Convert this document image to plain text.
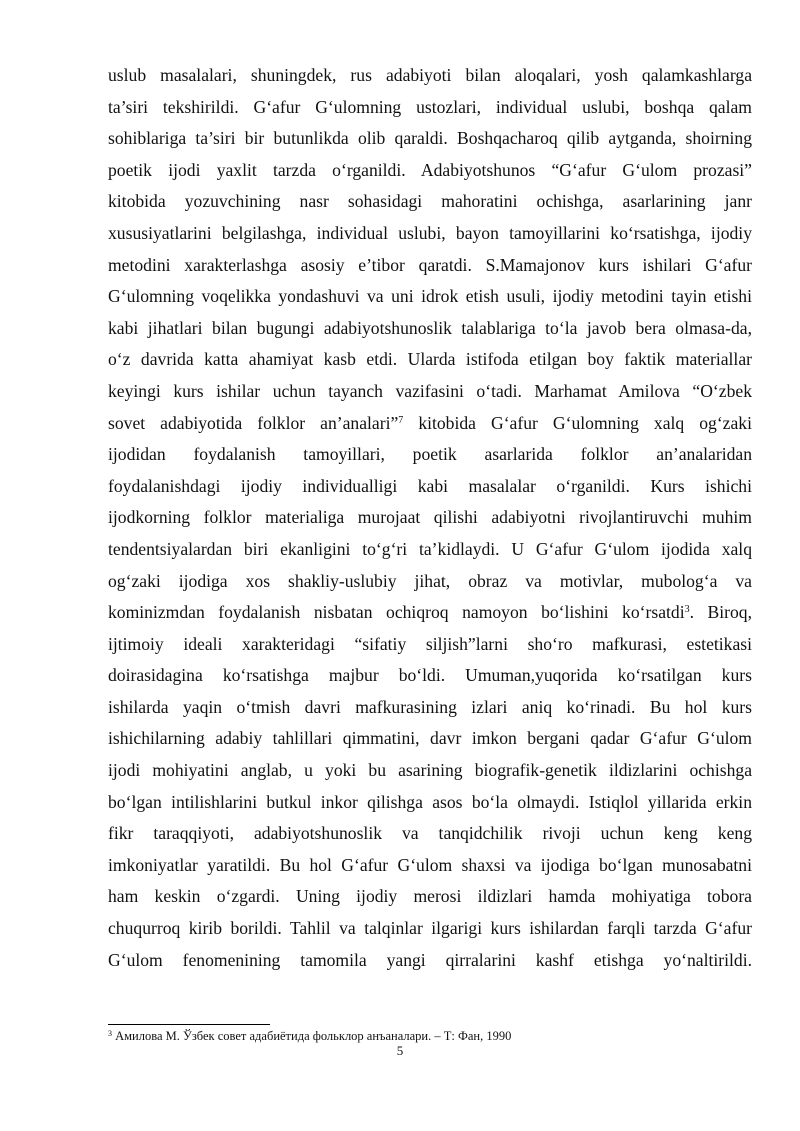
uslub masalalari, shuningdek, rus adabiyoti bilan aloqalari, yosh qalamkashlarga
ta’siri tekshirildi. G‘afur G‘ulomning ustozlari, individual uslubi, boshqa qalam
sohiblariga ta’siri bir butunlikda olib qaraldi. Boshqacharoq qilib aytganda, shoirning
poetik ijodi yaxlit tarzda o‘rganildi. Adabiyotshunos “G‘afur G‘ulom prozasi”
kitobida yozuvchining nasr sohasidagi mahoratini ochishga, asarlarining janr
xususiyatlarini belgilashga, individual uslubi, bayon tamoyillarini ko‘rsatishga, ijodiy
metodini xarakterlashga asosiy e’tibor qaratdi. S.Mamajonov kurs ishilari G‘afur
G‘ulomning voqelikka yondashuvi va uni idrok etish usuli, ijodiy metodini tayin etishi
kabi jihatlari bilan bugungi adabiyotshunoslik talablariga to‘la javob bera olmasa-da,
o‘z davrida katta ahamiyat kasb etdi. Ularda istifoda etilgan boy faktik materiallar
keyingi kurs ishilar uchun tayanch vazifasini o‘tadi. Marhamat Amilova “O‘zbek
sovet adabiyotida folklor an’analari”$^7$ kitobida G‘afur G‘ulomning xalq og‘zaki
ijodidan foydalanish tamoyillari, poetik asarlarida folklor an’analaridan
foydalanishdagi ijodiy individualligi kabi masalalar o‘rganildi. Kurs ishichi
ijodkorning folklor materialiga murojaat qilishi adabiyotni rivojlantiruvchi muhim
tendentsiyalardan biri ekanligini to‘g‘ri ta’kidlaydi. U G‘afur G‘ulom ijodida xalq
og‘zaki ijodiga xos shakliy-uslubiy jihat, obraz va motivlar, mubolog‘a va
kominizmdan foydalanish nisbatan ochiqroq namoyon bo‘lishini ko‘rsatdi$^3$. Biroq,
ijtimoiy ideali xarakteridagi “sifatiy siljish”larni sho‘ro mafkurasi, estetikasi
doirasidagina ko‘rsatishga majbur bo‘ldi. Umuman,yuqorida ko‘rsatilgan kurs
ishilarda yaqin o‘tmish davri mafkurasining izlari aniq ko‘rinadi. Bu hol kurs
ishichilarning adabiy tahlillari qimmatini, davr imkon bergani qadar G‘afur G‘ulom
ijodi mohiyatini anglab, u yoki bu asarining biografik-genetik ildizlarini ochishga
bo‘lgan intilishlarini butkul inkor qilishga asos bo‘la olmaydi. Istiqlol yillarida erkin
fikr taraqqiyoti, adabiyotshunoslik va tanqidchilik rivoji uchun keng keng
imkoniyatlar yaratildi. Bu hol G‘afur G‘ulom shaxsi va ijodiga bo‘lgan munosabatni
ham keskin o‘zgardi. Uning ijodiy merosi ildizlari hamda mohiyatiga tobora
chuqurroq kirib borildi. Tahlil va talqinlar ilgarigi kurs ishilardan farqli tarzda G‘afur
G‘ulom fenomenining tamomila yangi qirralarini kashf etishga yo‘naltirildi.
$^3$ Амилова М. Ўзбек совет адабиётида фольклор анъаналари. – Т: Фан, 1990
5
